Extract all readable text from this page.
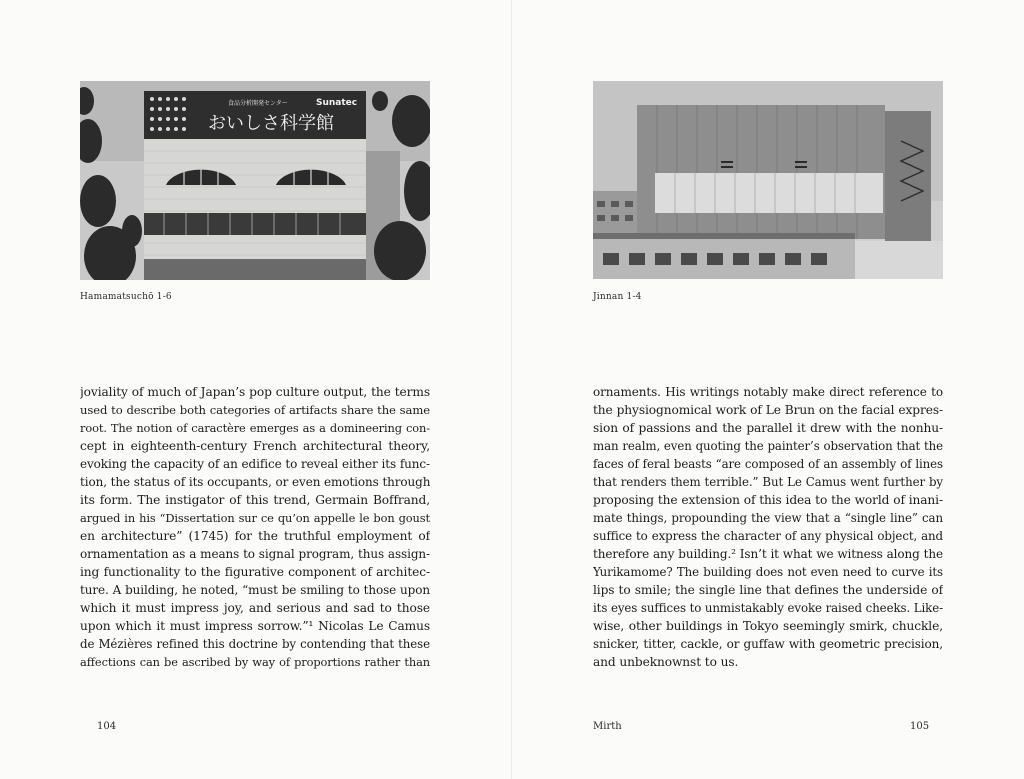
食品分析開発センター	Sunatec
おいしさ科学館
Hamamatsuchō 1-6
joviality of much of Japan’s pop culture output, the terms
used to describe both categories of artifacts share the same
root. The notion of caractère emerges as a domineering con-
cept in eighteenth-century French architectural theory,
evoking the capacity of an edifice to reveal either its func-
tion, the status of its occupants, or even emotions through
its form. The instigator of this trend, Germain Boffrand,
argued in his “Dissertation sur ce qu’on appelle le bon goust
en architecture” (1745) for the truthful employment of
ornamentation as a means to signal program, thus assign-
ing functionality to the figurative component of architec-
ture. A building, he noted, “must be smiling to those upon
which it must impress joy, and serious and sad to those
upon which it must impress sorrow.”¹ Nicolas Le Camus
de Mézières refined this doctrine by contending that these
affections can be ascribed by way of proportions rather than
104
Jinnan 1-4
ornaments. His writings notably make direct reference to
the physiognomical work of Le Brun on the facial expres-
sion of passions and the parallel it drew with the nonhu-
man realm, even quoting the painter’s observation that the
faces of feral beasts “are composed of an assembly of lines
that renders them terrible.” But Le Camus went further by
proposing the extension of this idea to the world of inani-
mate things, propounding the view that a “single line” can
suffice to express the character of any physical object, and
therefore any building.² Isn’t it what we witness along the
Yurikamome? The building does not even need to curve its
lips to smile; the single line that defines the underside of
its eyes suffices to unmistakably evoke raised cheeks. Like-
wise, other buildings in Tokyo seemingly smirk, chuckle,
snicker, titter, cackle, or guffaw with geometric precision,
and unbeknownst to us.
Mirth	105
